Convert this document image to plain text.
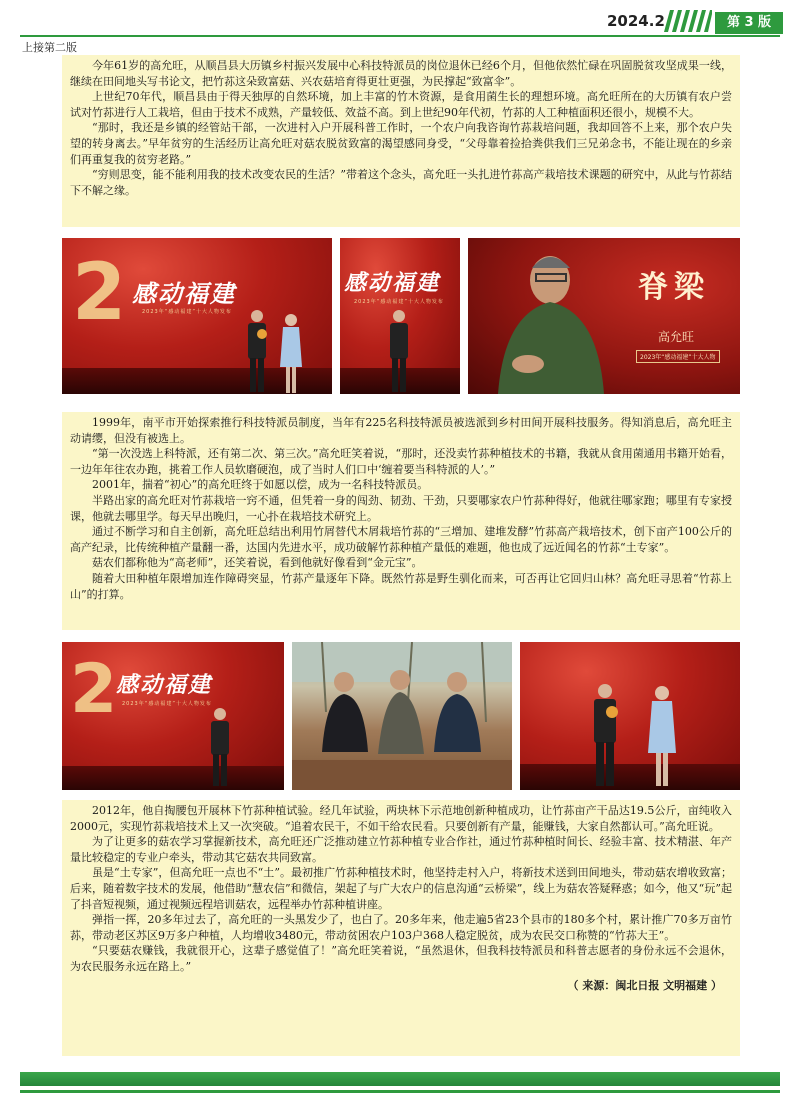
2024.2	第 3 版
上接第二版

今年61岁的高允旺，从顺昌县大历镇乡村振兴发展中心科技特派员的岗位退休已经6个月，但他依然忙碌在巩固脱贫攻坚成果一线，继续在田间地头写书论文，把竹荪这朵致富菇、兴农菇培育得更壮更强，为民撑起“致富伞”。

上世纪70年代，顺昌县由于得天独厚的自然环境，加上丰富的竹木资源，是食用菌生长的理想环境。高允旺所在的大历镇有农户尝试对竹荪进行人工栽培，但由于技术不成熟，产量较低、效益不高。到上世纪90年代初，竹荪的人工种植面积还很小，规模不大。

“那时，我还是乡镇的经管站干部，一次进村入户开展科普工作时，一个农户向我咨询竹荪栽培问题，我却回答不上来，那个农户失望的转身离去。”早年贫穷的生活经历让高允旺对菇农脱贫致富的渴望感同身受，“父母靠着捡拾粪供我们三兄弟念书，不能让现在的乡亲们再重复我的贫穷老路。”

“穷则思变，能不能利用我的技术改变农民的生活？”带着这个念头，高允旺一头扎进竹荪高产栽培技术课题的研究中，从此与竹荪结下不解之缘。

2 感动福建
2023年“感动福建”十大人物发布
感动福建
2023年“感动福建”十大人物发布	脊梁
高允旺
2023年“感动福建”十大人物

1999年，南平市开始探索推行科技特派员制度，当年有225名科技特派员被选派到乡村田间开展科技服务。得知消息后，高允旺主动请缨，但没有被选上。

“第一次没选上科特派，还有第二次、第三次。”高允旺笑着说，“那时，还没卖竹荪种植技术的书籍，我就从食用菌通用书籍开始看，一边年年往农办跑，挑着工作人员软磨硬泡，成了当时人们口中‘缠着要当科特派的人’。”

2001年，揣着“初心”的高允旺终于如愿以偿，成为一名科技特派员。

半路出家的高允旺对竹荪栽培一窍不通，但凭着一身的闯劲、韧劲、干劲，只要哪家农户竹荪种得好，他就往哪家跑；哪里有专家授课，他就去哪里学。每天早出晚归，一心扑在栽培技术研究上。

通过不断学习和自主创新，高允旺总结出利用竹屑替代木屑栽培竹荪的“三增加、建堆发酵”竹荪高产栽培技术，创下亩产100公斤的高产纪录，比传统种植产量翻一番，达国内先进水平，成功破解竹荪种植产量低的难题，他也成了远近闻名的竹荪“土专家”。

菇农们都称他为“高老师”，还笑着说，看到他就好像看到“金元宝”。

随着大田种植年限增加连作障碍突显，竹荪产量逐年下降。既然竹荪是野生驯化而来，可否再让它回归山林？高允旺寻思着“竹荪上山”的打算。

2
感动福建
2023年“感动福建”十大人物发布

2012年，他自掏腰包开展林下竹荪种植试验。经几年试验，两块林下示范地创新种植成功，让竹荪亩产干品达19.5公斤，亩纯收入2000元，实现竹荪栽培技术上又一次突破。“追着农民干，不如干给农民看。只要创新有产量，能赚钱，大家自然都认可。”高允旺说。

为了让更多的菇农学习掌握新技术，高允旺还广泛推动建立竹荪种植专业合作社，通过竹荪种植时间长、经验丰富、技术精湛、年产量比较稳定的专业户牵头，带动其它菇农共同致富。

虽是“土专家”，但高允旺一点也不“土”。最初推广竹荪种植技术时，他坚持走村入户，将新技术送到田间地头，带动菇农增收致富；后来，随着数字技术的发展，他借助“慧农信”和微信，架起了与广大农户的信息沟通“云桥梁”，线上为菇农答疑释惑；如今，他又“玩”起了抖音短视频，通过视频远程培训菇农，远程举办竹荪种植讲座。

弹指一挥，20多年过去了，高允旺的一头黑发少了，也白了。20多年来，他走遍5省23个县市的180多个村，累计推广70多万亩竹荪，带动老区苏区9万多户种植，人均增收3480元，带动贫困农户103户368人稳定脱贫，成为农民交口称赞的“竹荪大王”。

“只要菇农赚钱，我就很开心，这辈子感觉值了！”高允旺笑着说，“虽然退休，但我科技特派员和科普志愿者的身份永远不会退休，为农民服务永远在路上。”

（ 来源：闽北日报 文明福建 ）
